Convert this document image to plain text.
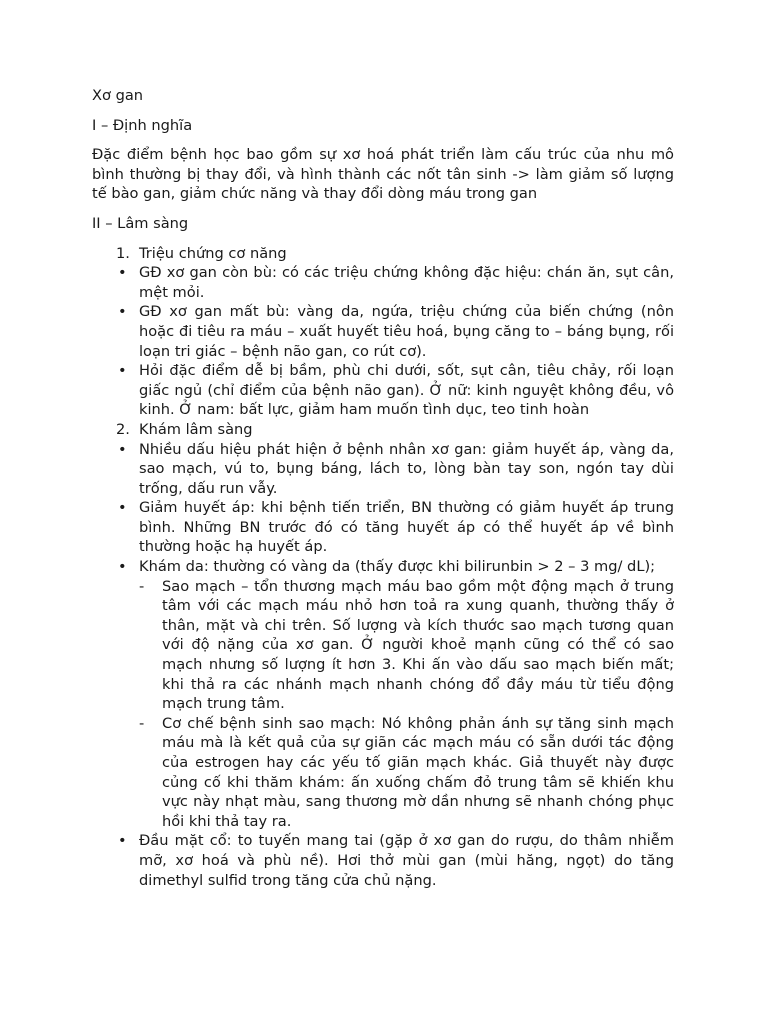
Xơ gan

I – Định nghĩa

Đặc điểm bệnh học bao gồm sự xơ hoá phát triển làm cấu trúc của nhu mô bình thường bị thay đổi, và hình thành các nốt tân sinh -> làm giảm số lượng tế bào gan, giảm chức năng và thay đổi dòng máu trong gan

II – Lâm sàng

1. Triệu chứng cơ năng
• GĐ xơ gan còn bù: có các triệu chứng không đặc hiệu: chán ăn, sụt cân, mệt mỏi.
• GĐ xơ gan mất bù: vàng da, ngứa, triệu chứng của biến chứng (nôn hoặc đi tiêu ra máu – xuất huyết tiêu hoá, bụng căng to – báng bụng, rối loạn tri giác – bệnh não gan, co rút cơ).
• Hỏi đặc điểm dễ bị bầm, phù chi dưới, sốt, sụt cân, tiêu chảy, rối loạn giấc ngủ (chỉ điểm của bệnh não gan). Ở nữ: kinh nguyệt không đều, vô kinh. Ở nam: bất lực, giảm ham muốn tình dục, teo tinh hoàn
2. Khám lâm sàng
• Nhiều dấu hiệu phát hiện ở bệnh nhân xơ gan: giảm huyết áp, vàng da, sao mạch, vú to, bụng báng, lách to, lòng bàn tay son, ngón tay dùi trống, dấu run vẫy.
• Giảm huyết áp: khi bệnh tiến triển, BN thường có giảm huyết áp trung bình. Những BN trước đó có tăng huyết áp có thể huyết áp về bình thường hoặc hạ huyết áp.
• Khám da: thường có vàng da (thấy được khi bilirunbin > 2 – 3 mg/ dL);
- Sao mạch – tổn thương mạch máu bao gồm một động mạch ở trung tâm với các mạch máu nhỏ hơn toả ra xung quanh, thường thấy ở thân, mặt và chi trên. Số lượng và kích thước sao mạch tương quan với độ nặng của xơ gan. Ở người khoẻ mạnh cũng có thể có sao mạch nhưng số lượng ít hơn 3. Khi ấn vào dấu sao mạch biến mất; khi thả ra các nhánh mạch nhanh chóng đổ đầy máu từ tiểu động mạch trung tâm.
- Cơ chế bệnh sinh sao mạch: Nó không phản ánh sự tăng sinh mạch máu mà là kết quả của sự giãn các mạch máu có sẵn dưới tác động của estrogen hay các yếu tố giãn mạch khác. Giả thuyết này được củng cố khi thăm khám: ấn xuống chấm đỏ trung tâm sẽ khiến khu vực này nhạt màu, sang thương mờ dần nhưng sẽ nhanh chóng phục hồi khi thả tay ra.
• Đầu mặt cổ: to tuyến mang tai (gặp ở xơ gan do rượu, do thâm nhiễm mỡ, xơ hoá và phù nề). Hơi thở mùi gan (mùi hăng, ngọt) do tăng dimethyl sulfid trong tăng cửa chủ nặng.
